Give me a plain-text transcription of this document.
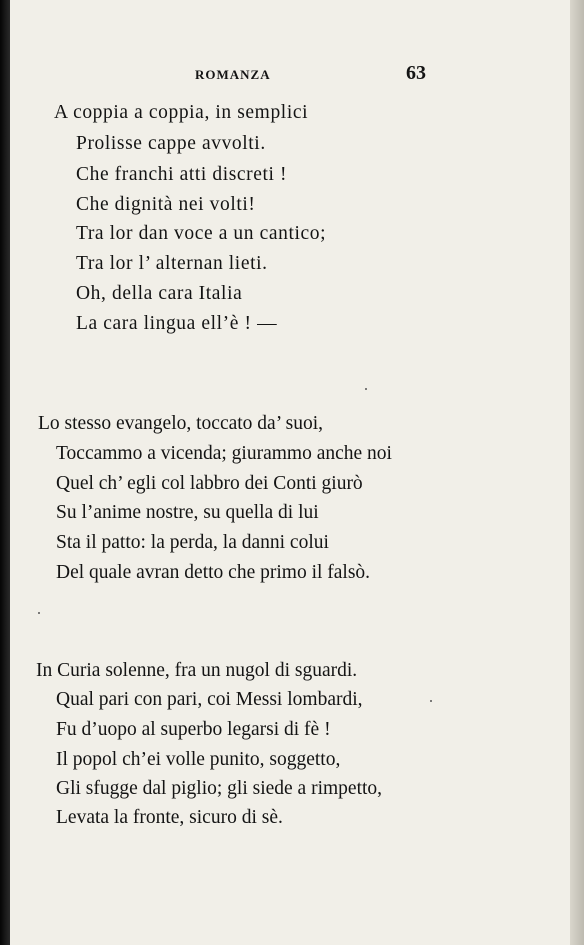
ROMANZA	63
A coppia a coppia, in semplici
Prolisse cappe avvolti.
Che franchi atti discreti !
Che dignità nei volti!
Tra lor dan voce a un cantico;
Tra lor l’ alternan lieti.
Oh, della cara Italia
La cara lingua ell’è ! —
Lo stesso evangelo, toccato da’ suoi,
Toccammo a vicenda; giurammo anche noi
Quel ch’ egli col labbro dei Conti giurò
Su l’anime nostre, su quella di lui
Sta il patto: la perda, la danni colui
Del quale avran detto che primo il falsò.
In Curia solenne, fra un nugol di sguardi.
Qual pari con pari, coi Messi lombardi,
Fu d’uopo al superbo legarsi di fè !
Il popol ch’ei volle punito, soggetto,
Gli sfugge dal piglio; gli siede a rimpetto,
Levata la fronte, sicuro di sè.
